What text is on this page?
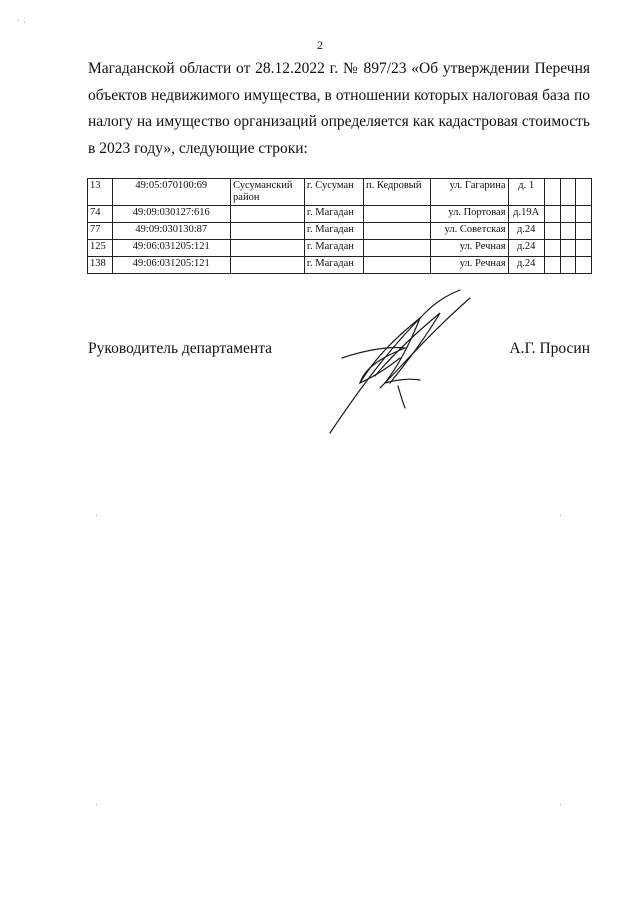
2
Магаданской области от 28.12.2022 г. № 897/23 «Об утверждении Перечня объектов недвижимого имущества, в отношении которых налоговая база по налогу на имущество организаций определяется как кадастровая стоимость в 2023 году», следующие строки:
13	49:05:070100:69	Сусуманский район	г. Сусуман	п. Кедровый	ул. Гагарина	д. 1			
74	49:09:030127:616		г. Магадан		ул. Портовая	д.19А			
77	49:09:030130:87		г. Магадан		ул. Советская	д.24			
125	49:06:031205:121		г. Магадан		ул. Речная	д.24			
138	49:06:031205:121		г. Магадан		ул. Речная	д.24			
Руководитель департамента	А.Г. Просин
